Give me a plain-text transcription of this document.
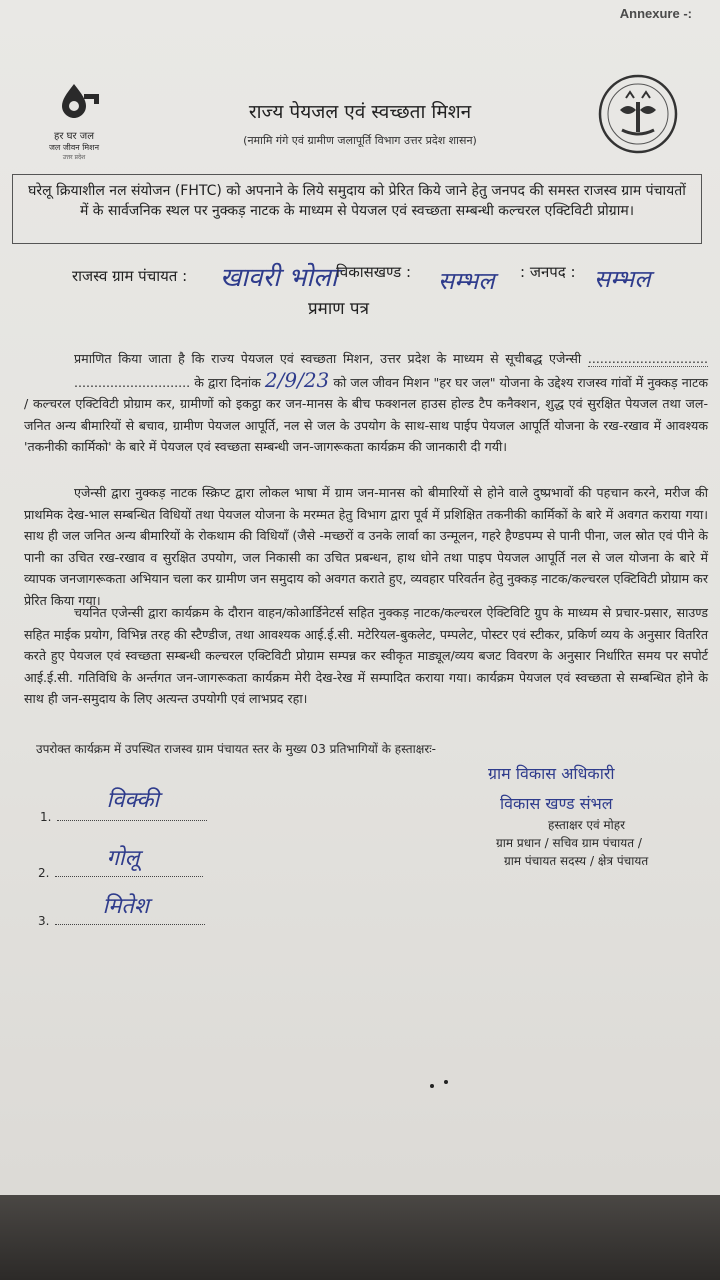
Annexure -:
हर घर जल
जल जीवन मिशन
उत्तर प्रदेश
राज्य पेयजल एवं स्वच्छता मिशन
(नमामि गंगे एवं ग्रामीण जलापूर्ति विभाग उत्तर प्रदेश शासन)
घरेलू क्रियाशील नल संयोजन (FHTC) को अपनाने के लिये समुदाय को प्रेरित किये जाने हेतु जनपद की समस्त राजस्व ग्राम पंचायतों में के सार्वजनिक स्थल पर नुक्कड़ नाटक के माध्यम से पेयजल एवं स्वच्छता सम्बन्धी कल्चरल एक्टिविटी प्रोग्राम।
राजस्व ग्राम पंचायत : खावरी भोला
विकासखण्ड : सम्भल : जनपद : सम्भल
प्रमाण पत्र

प्रमाणित किया जाता है कि राज्य पेयजल एवं स्वच्छता मिशन, उत्तर प्रदेश के माध्यम से सूचीबद्ध एजेन्सी .............................. ............................. के द्वारा दिनांक 2/9/23 को जल जीवन मिशन "हर घर जल" योजना के उद्देश्य राजस्व गांवों में नुक्कड़ नाटक / कल्चरल एक्टिविटी प्रोग्राम कर, ग्रामीणों को इकट्ठा कर जन-मानस के बीच फक्शनल हाउस होल्ड टैप कनैक्शन, शुद्ध एवं सुरक्षित पेयजल तथा जल-जनित अन्य बीमारियों से बचाव, ग्रामीण पेयजल आपूर्ति, नल से जल के उपयोग के साथ-साथ पाईप पेयजल आपूर्ति योजना के रख-रखाव में आवश्यक 'तकनीकी कार्मिको' के बारे में पेयजल एवं स्वच्छता सम्बन्धी जन-जागरूकता कार्यक्रम की जानकारी दी गयी।

एजेन्सी द्वारा नुक्कड़ नाटक स्क्रिप्ट द्वारा लोकल भाषा में ग्राम जन-मानस को बीमारियों से होने वाले दुष्प्रभावों की पहचान करने, मरीज की प्राथमिक देख-भाल सम्बन्धित विधियों तथा पेयजल योजना के मरम्मत हेतु विभाग द्वारा पूर्व में प्रशिक्षित तकनीकी कार्मिकों के बारे में अवगत कराया गया। साथ ही जल जनित अन्य बीमारियों के रोकथाम की विधियाँ (जैसे -मच्छरों व उनके लार्वा का उन्मूलन, गहरे हैण्डपम्प से पानी पीना, जल स्रोत एवं पीने के पानी का उचित रख-रखाव व सुरक्षित उपयोग, जल निकासी का उचित प्रबन्धन, हाथ धोने तथा पाइप पेयजल आपूर्ति नल से जल योजना के बारे में व्यापक जनजागरूकता अभियान चला कर ग्रामीण जन समुदाय को अवगत कराते हुए, व्यवहार परिवर्तन हेतु नुक्कड़ नाटक/कल्चरल एक्टिविटी प्रोग्राम कर प्रेरित किया गया।

चयनित एजेन्सी द्वारा कार्यक्रम के दौरान वाहन/कोआर्डिनेटर्स सहित नुक्कड़ नाटक/कल्चरल ऐक्टिविटि ग्रुप के माध्यम से प्रचार-प्रसार, साउण्ड सहित माईक प्रयोग, विभिन्न तरह की स्टैण्डीज, तथा आवश्यक आई.ई.सी. मटेरियल-बुकलेट, पम्पलेट, पोस्टर एवं स्टीकर, प्रकिर्ण व्यय के अनुसार वितरित करते हुए पेयजल एवं स्वच्छता सम्बन्धी कल्चरल एक्टिविटी प्रोग्राम सम्पन्न कर स्वीकृत माड्यूल/व्यय बजट विवरण के अनुसार निर्धारित समय पर सपोर्ट आई.ई.सी. गतिविधि के अर्न्तगत जन-जागरूकता कार्यक्रम मेरी देख-रेख में सम्पादित कराया गया। कार्यक्रम पेयजल एवं स्वच्छता से सम्बन्धित होने के साथ ही जन-समुदाय के लिए अत्यन्त उपयोगी एवं लाभप्रद रहा।

उपरोक्त कार्यक्रम में उपस्थित राजस्व ग्राम पंचायत स्तर के मुख्य 03 प्रतिभागियों के हस्ताक्षरः-
1.
विक्की
2.
गोलू
3.
मितेश
ग्राम विकास अधिकारी
विकास खण्ड संभल
हस्ताक्षर एवं मोहर
ग्राम प्रधान / सचिव ग्राम पंचायत /
ग्राम पंचायत सदस्य / क्षेत्र पंचायत
